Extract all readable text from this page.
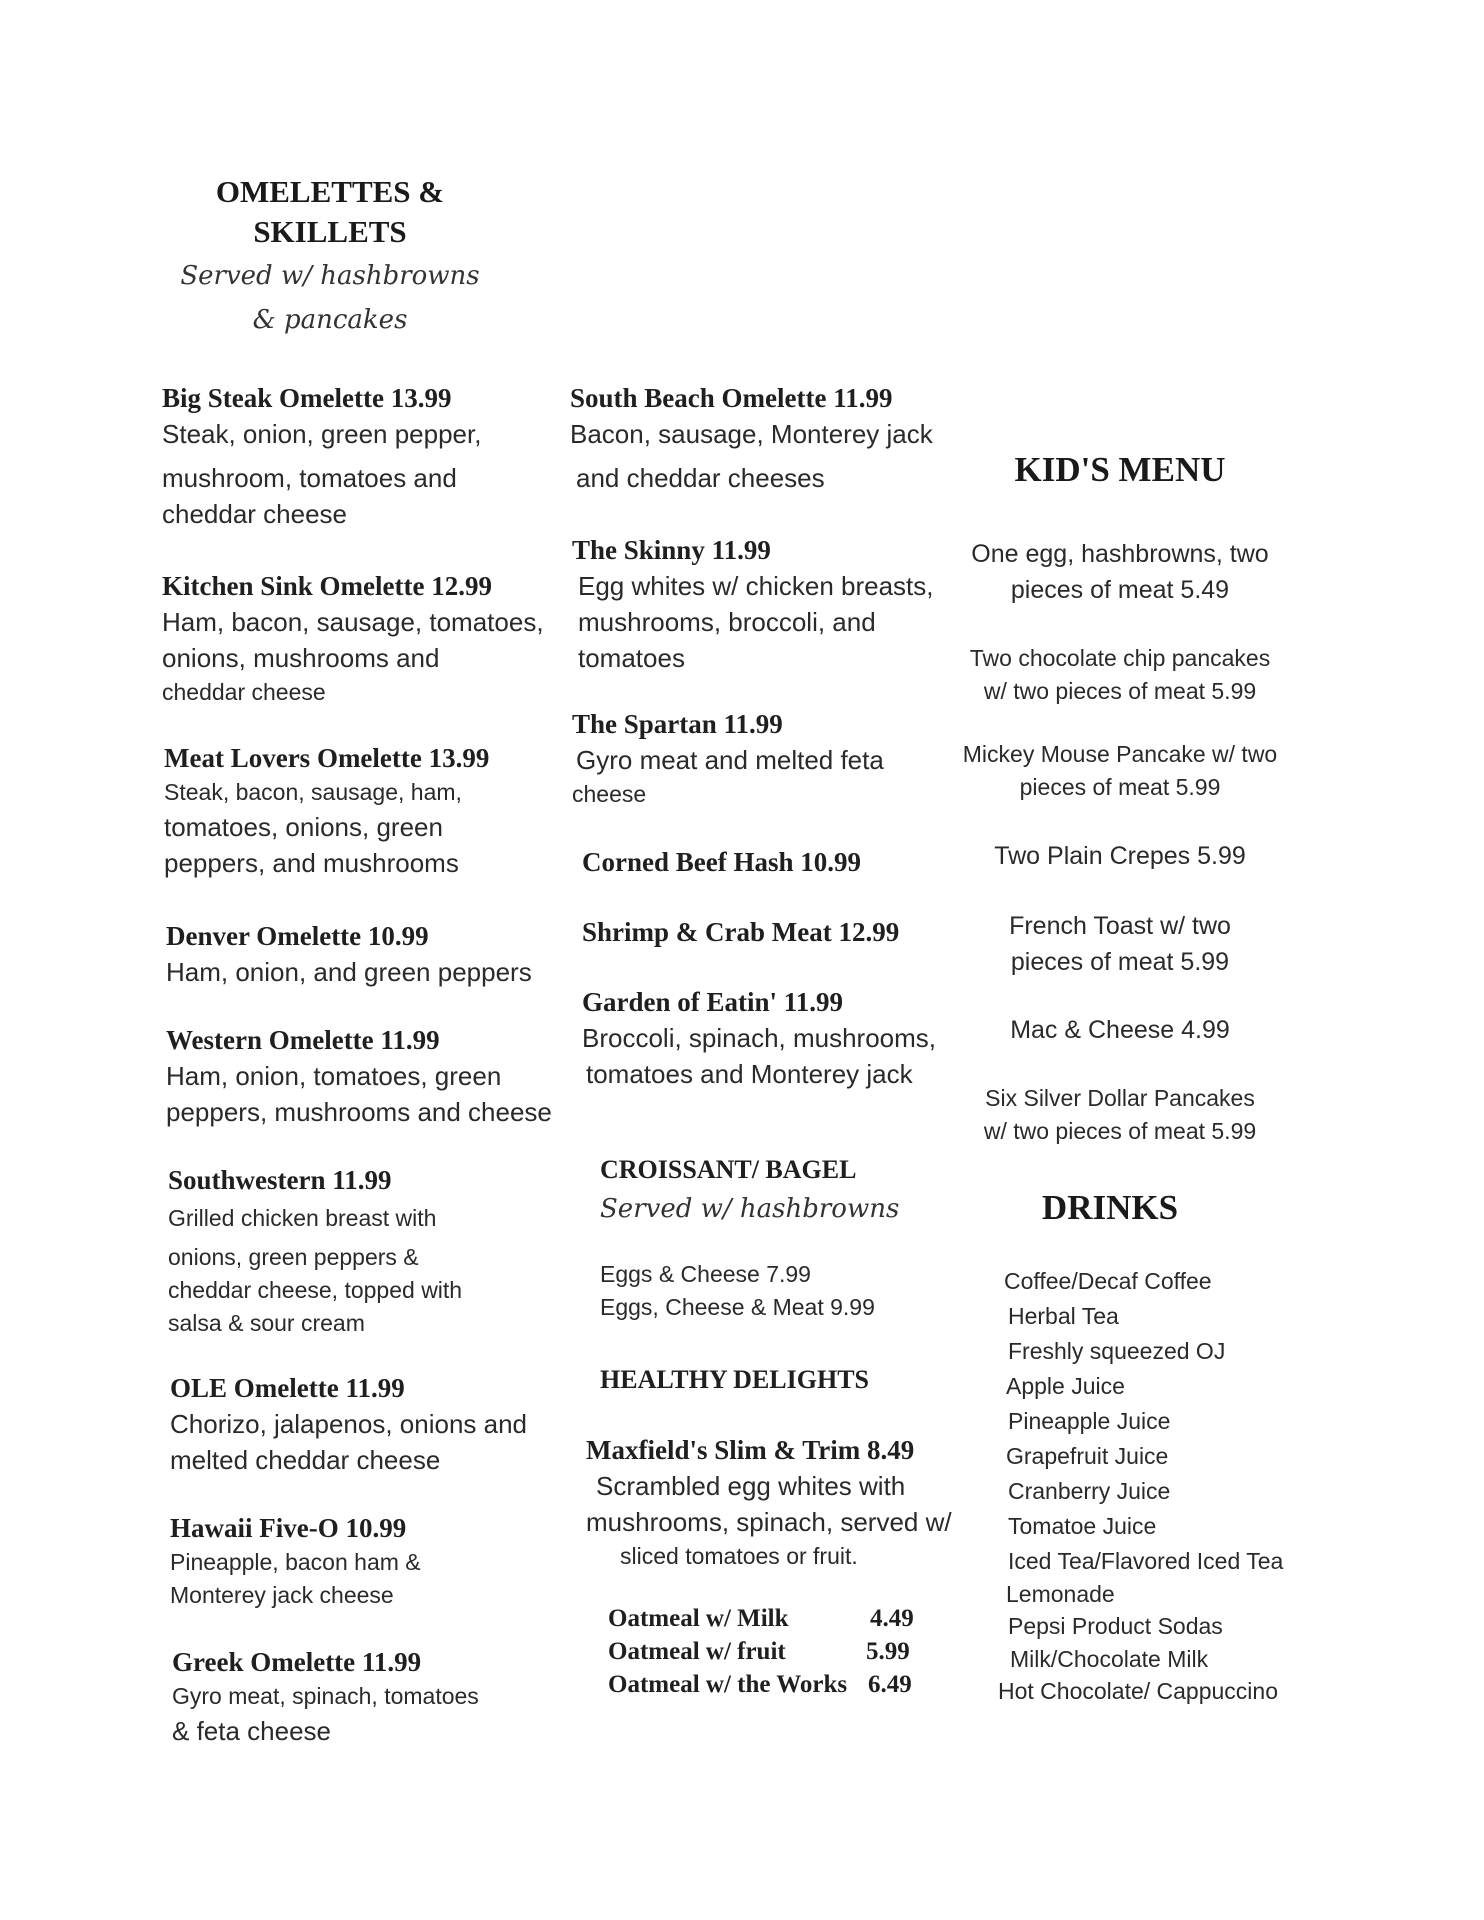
OMELETTES &
SKILLETS
Served w/ hashbrowns
& pancakes
Big Steak Omelette 13.99
Steak, onion, green pepper,
mushroom, tomatoes and
cheddar cheese
Kitchen Sink Omelette 12.99
Ham, bacon, sausage, tomatoes,
onions, mushrooms and
cheddar cheese
Meat Lovers Omelette 13.99
Steak, bacon, sausage, ham,
tomatoes, onions, green
peppers, and mushrooms
Denver Omelette 10.99
Ham, onion, and green peppers
Western Omelette 11.99
Ham, onion, tomatoes, green
peppers, mushrooms and cheese
Southwestern 11.99
Grilled chicken breast with
onions, green peppers &
cheddar cheese, topped with
salsa & sour cream
OLE Omelette 11.99
Chorizo, jalapenos, onions and
melted cheddar cheese
Hawaii Five-O 10.99
Pineapple, bacon ham &
Monterey jack cheese
Greek Omelette 11.99
Gyro meat, spinach, tomatoes
& feta cheese
South Beach Omelette 11.99
Bacon, sausage, Monterey jack
and cheddar cheeses
The Skinny 11.99
Egg whites w/ chicken breasts,
mushrooms, broccoli, and
tomatoes
The Spartan 11.99
Gyro meat and melted feta
cheese
Corned Beef Hash 10.99
Shrimp & Crab Meat 12.99
Garden of Eatin' 11.99
Broccoli, spinach, mushrooms,
tomatoes and Monterey jack
CROISSANT/ BAGEL
Served w/ hashbrowns
Eggs & Cheese 7.99
Eggs, Cheese & Meat 9.99
HEALTHY DELIGHTS
Maxfield's Slim & Trim 8.49
Scrambled egg whites with
mushrooms, spinach, served w/
sliced tomatoes or fruit.
Oatmeal w/ Milk	4.49
Oatmeal w/ fruit	5.99
Oatmeal w/ the Works 6.49
KID'S MENU
One egg, hashbrowns, two
pieces of meat 5.49
Two chocolate chip pancakes
w/ two pieces of meat 5.99
Mickey Mouse Pancake w/ two
pieces of meat 5.99
Two Plain Crepes 5.99
French Toast w/ two
pieces of meat 5.99
Mac & Cheese 4.99
Six Silver Dollar Pancakes
w/ two pieces of meat 5.99
DRINKS
Coffee/Decaf Coffee
Herbal Tea
Freshly squeezed OJ
Apple Juice
Pineapple Juice
Grapefruit Juice
Cranberry Juice
Tomatoe Juice
Iced Tea/Flavored Iced Tea
Lemonade
Pepsi Product Sodas
Milk/Chocolate Milk
Hot Chocolate/ Cappuccino
